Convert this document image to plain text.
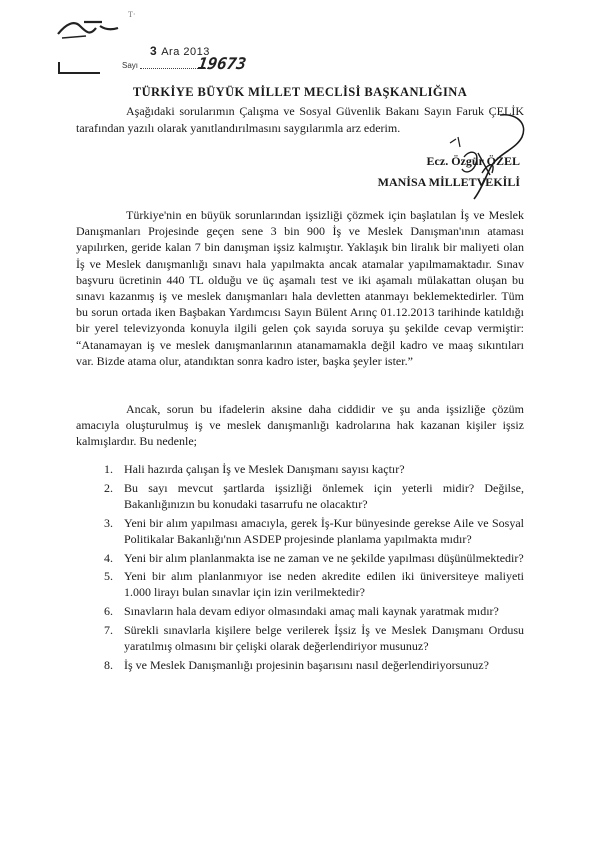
T·
3 Ara 2013
Sayı	19673
TÜRKİYE BÜYÜK MİLLET MECLİSİ BAŞKANLIĞINA
Aşağıdaki sorularımın Çalışma ve Sosyal Güvenlik Bakanı Sayın Faruk ÇELİK tarafından yazılı olarak yanıtlandırılmasını saygılarımla arz ederim.
Ecz. Özgür ÖZEL
MANİSA MİLLETVEKİLİ
Türkiye'nin en büyük sorunlarından işsizliği çözmek için başlatılan İş ve Meslek Danışmanları Projesinde geçen sene 3 bin 900 İş ve Meslek Danışman'ının ataması yapılırken, geride kalan 7 bin danışman işsiz kalmıştır. Yaklaşık bin liralık bir maliyeti olan İş ve Meslek danışmanlığı sınavı hala yapılmakta ancak atamalar yapılmamaktadır. Sınav başvuru ücretinin 440 TL olduğu ve üç aşamalı test ve iki aşamalı mülakattan oluşan bu sınavı kazanmış iş ve meslek danışmanları hala devletten atanmayı beklemektedirler. Tüm bu sorun ortada iken Başbakan Yardımcısı Sayın Bülent Arınç 01.12.2013 tarihinde katıldığı bir yerel televizyonda konuyla ilgili gelen çok sayıda soruya şu şekilde cevap vermiştir: “Atanamayan iş ve meslek danışmanlarının atanamamakla değil kadro ve maaş sıkıntıları var. Bizde atama olur, atandıktan sonra kadro ister, başka şeyler ister.”
Ancak, sorun bu ifadelerin aksine daha ciddidir ve şu anda işsizliğe çözüm amacıyla oluşturulmuş iş ve meslek danışmanlığı kadrolarına hak kazanan kişiler işsiz kalmışlardır. Bu nedenle;
1. Hali hazırda çalışan İş ve Meslek Danışmanı sayısı kaçtır?
2. Bu sayı mevcut şartlarda işsizliği önlemek için yeterli midir? Değilse, Bakanlığınızın bu konudaki tasarrufu ne olacaktır?
3. Yeni bir alım yapılması amacıyla, gerek İş-Kur bünyesinde gerekse Aile ve Sosyal Politikalar Bakanlığı'nın ASDEP projesinde planlama yapılmakta mıdır?
4. Yeni bir alım planlanmakta ise ne zaman ve ne şekilde yapılması düşünülmektedir?
5. Yeni bir alım planlanmıyor ise neden akredite edilen iki üniversiteye maliyeti 1.000 lirayı bulan sınavlar için izin verilmektedir?
6. Sınavların hala devam ediyor olmasındaki amaç mali kaynak yaratmak mıdır?
7. Sürekli sınavlarla kişilere belge verilerek İşsiz İş ve Meslek Danışmanı Ordusu yaratılmış olmasını bir çelişki olarak değerlendiriyor musunuz?
8. İş ve Meslek Danışmanlığı projesinin başarısını nasıl değerlendiriyorsunuz?
